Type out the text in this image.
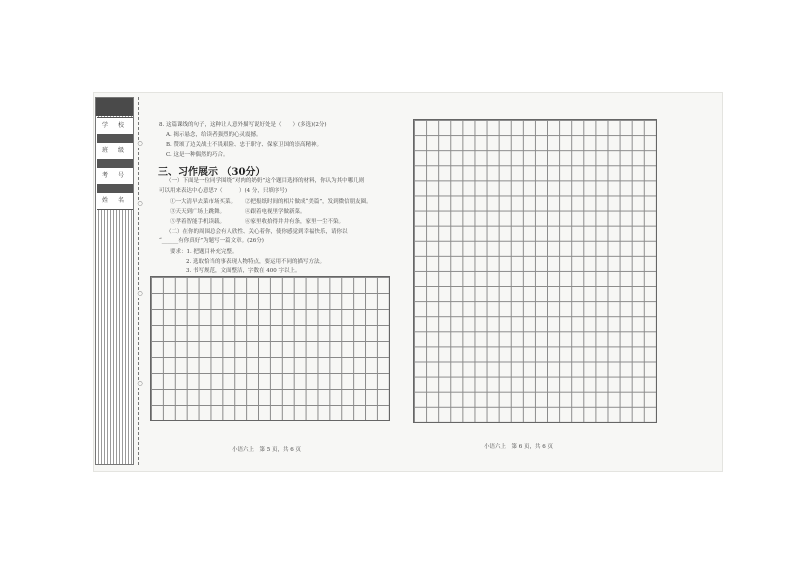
学 校
班 级
考 号
姓 名
○
○
○
○
8. 这篇课线的句子，这种让人意外描写说好处是（　　）(多选)(2分)
A. 揭示悬念，给读者强烈的心灵震撼。
B. 赞颂了边关战士不畏艰险、忠于职守、保家卫国的崇高精神。
C. 这是一种偶然的巧合。
三、习作展示 （30分）
（一）下面是一位同学围绕“对肉的奶奶”这个题目选择的材料，你认为其中哪几则
可以用来表达中心意思?（　　　）(4 分，只填序号)
①一大清早去菜市场买菜。 ②把报纸时间的相片做成“美篇”，发到微信朋友圈。
③天天到广场上跳舞。	④跟着电视里学做新菜。
⑤孝着智能手机读载。	⑥家里收拾得井井有条，家里一尘不染。
（二）在你的周围总会有人欣性、关心着你，使你感觉到幸福快乐，请你以
“______有你真好”为题写一篇文章。(26分)
要求：1. 把题目补充完整。
2. 选取恰当的事表现人物特点，要运用不同的描写方法。
3. 书写规范，文面整洁，字数在 400 字以上。
小语六上　第 5 页，共 6 页	小语六上　第 6 页，共 6 页
